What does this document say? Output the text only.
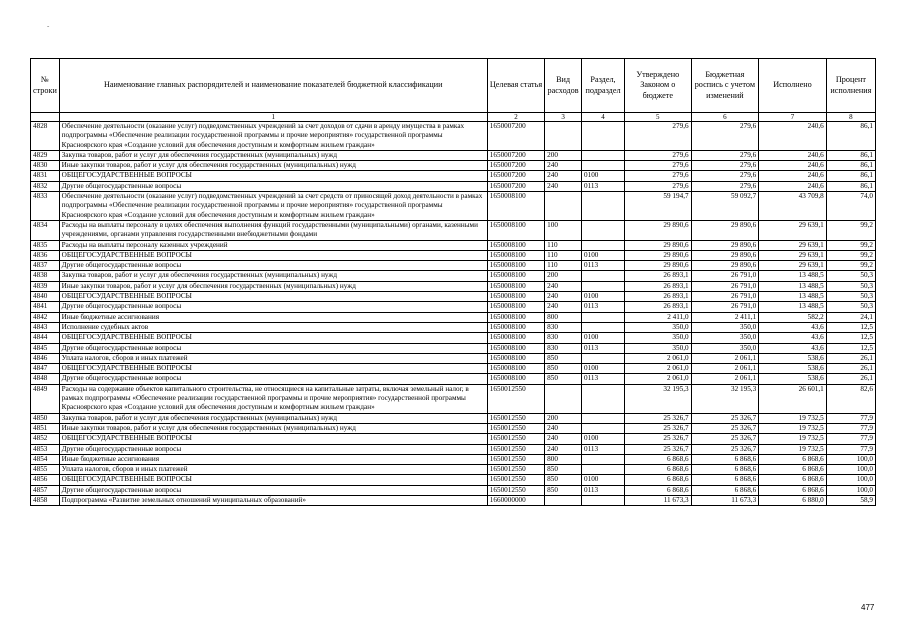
-
№ строки	Наименование главных распорядителей и наименование показателей бюджетной классификации	Целевая статья	Вид расходов	Раздел, подраздел	Утверждено Законом о бюджете	Бюджетная роспись с учетом изменений	Исполнено	Процент исполнения
	1	2	3	4	5	6	7	8
4828	Обеспечение деятельности (оказание услуг) подведомственных учреждений за счет доходов от сдачи в аренду имущества в рамках подпрограммы «Обеспечение реализации государственной программы и прочие мероприятия» государственной программы Красноярского края «Создание условий для обеспечения доступным и комфортным жильем граждан»	1650007200			279,6	279,6	240,6	86,1
4829	Закупка товаров, работ и услуг для обеспечения государственных (муниципальных) нужд	1650007200	200		279,6	279,6	240,6	86,1
4830	Иные закупки товаров, работ и услуг для обеспечения государственных (муниципальных) нужд	1650007200	240		279,6	279,6	240,6	86,1
4831	ОБЩЕГОСУДАРСТВЕННЫЕ ВОПРОСЫ	1650007200	240	0100	279,6	279,6	240,6	86,1
4832	Другие общегосударственные вопросы	1650007200	240	0113	279,6	279,6	240,6	86,1
4833	Обеспечение деятельности (оказание услуг) подведомственных учреждений за счет средств от приносящей доход деятельности в рамках подпрограммы «Обеспечение реализации государственной программы и прочие мероприятия» государственной программы Красноярского края «Создание условий для обеспечения доступным и комфортным жильем граждан»	1650008100			59 194,7	59 092,7	43 709,8	74,0
4834	Расходы на выплаты персоналу в целях обеспечения выполнения функций государственными (муниципальными) органами, казенными учреждениями, органами управления государственными внебюджетными фондами	1650008100	100		29 890,6	29 890,6	29 639,1	99,2
4835	Расходы на выплаты персоналу казенных учреждений	1650008100	110		29 890,6	29 890,6	29 639,1	99,2
4836	ОБЩЕГОСУДАРСТВЕННЫЕ ВОПРОСЫ	1650008100	110	0100	29 890,6	29 890,6	29 639,1	99,2
4837	Другие общегосударственные вопросы	1650008100	110	0113	29 890,6	29 890,6	29 639,1	99,2
4838	Закупка товаров, работ и услуг для обеспечения государственных (муниципальных) нужд	1650008100	200		26 893,1	26 791,0	13 488,5	50,3
4839	Иные закупки товаров, работ и услуг для обеспечения государственных (муниципальных) нужд	1650008100	240		26 893,1	26 791,0	13 488,5	50,3
4840	ОБЩЕГОСУДАРСТВЕННЫЕ ВОПРОСЫ	1650008100	240	0100	26 893,1	26 791,0	13 488,5	50,3
4841	Другие общегосударственные вопросы	1650008100	240	0113	26 893,1	26 791,0	13 488,5	50,3
4842	Иные бюджетные ассигнования	1650008100	800		2 411,0	2 411,1	582,2	24,1
4843	Исполнение судебных актов	1650008100	830		350,0	350,0	43,6	12,5
4844	ОБЩЕГОСУДАРСТВЕННЫЕ ВОПРОСЫ	1650008100	830	0100	350,0	350,0	43,6	12,5
4845	Другие общегосударственные вопросы	1650008100	830	0113	350,0	350,0	43,6	12,5
4846	Уплата налогов, сборов и иных платежей	1650008100	850		2 061,0	2 061,1	538,6	26,1
4847	ОБЩЕГОСУДАРСТВЕННЫЕ ВОПРОСЫ	1650008100	850	0100	2 061,0	2 061,1	538,6	26,1
4848	Другие общегосударственные вопросы	1650008100	850	0113	2 061,0	2 061,1	538,6	26,1
4849	Расходы на содержание объектов капитального строительства, не относящиеся на капитальные затраты, включая земельный налог, в рамках подпрограммы «Обеспечение реализации государственной программы и прочие мероприятия» государственной программы Красноярского края «Создание условий для обеспечения доступным и комфортным жильем граждан»	1650012550			32 195,3	32 195,3	26 601,1	82,6
4850	Закупка товаров, работ и услуг для обеспечения государственных (муниципальных) нужд	1650012550	200		25 326,7	25 326,7	19 732,5	77,9
4851	Иные закупки товаров, работ и услуг для обеспечения государственных (муниципальных) нужд	1650012550	240		25 326,7	25 326,7	19 732,5	77,9
4852	ОБЩЕГОСУДАРСТВЕННЫЕ ВОПРОСЫ	1650012550	240	0100	25 326,7	25 326,7	19 732,5	77,9
4853	Другие общегосударственные вопросы	1650012550	240	0113	25 326,7	25 326,7	19 732,5	77,9
4854	Иные бюджетные ассигнования	1650012550	800		6 868,6	6 868,6	6 868,6	100,0
4855	Уплата налогов, сборов и иных платежей	1650012550	850		6 868,6	6 868,6	6 868,6	100,0
4856	ОБЩЕГОСУДАРСТВЕННЫЕ ВОПРОСЫ	1650012550	850	0100	6 868,6	6 868,6	6 868,6	100,0
4857	Другие общегосударственные вопросы	1650012550	850	0113	6 868,6	6 868,6	6 868,6	100,0
4858	Подпрограмма «Развитие земельных отношений муниципальных образований»	1660000000			11 673,3	11 673,3	6 880,0	58,9
477
